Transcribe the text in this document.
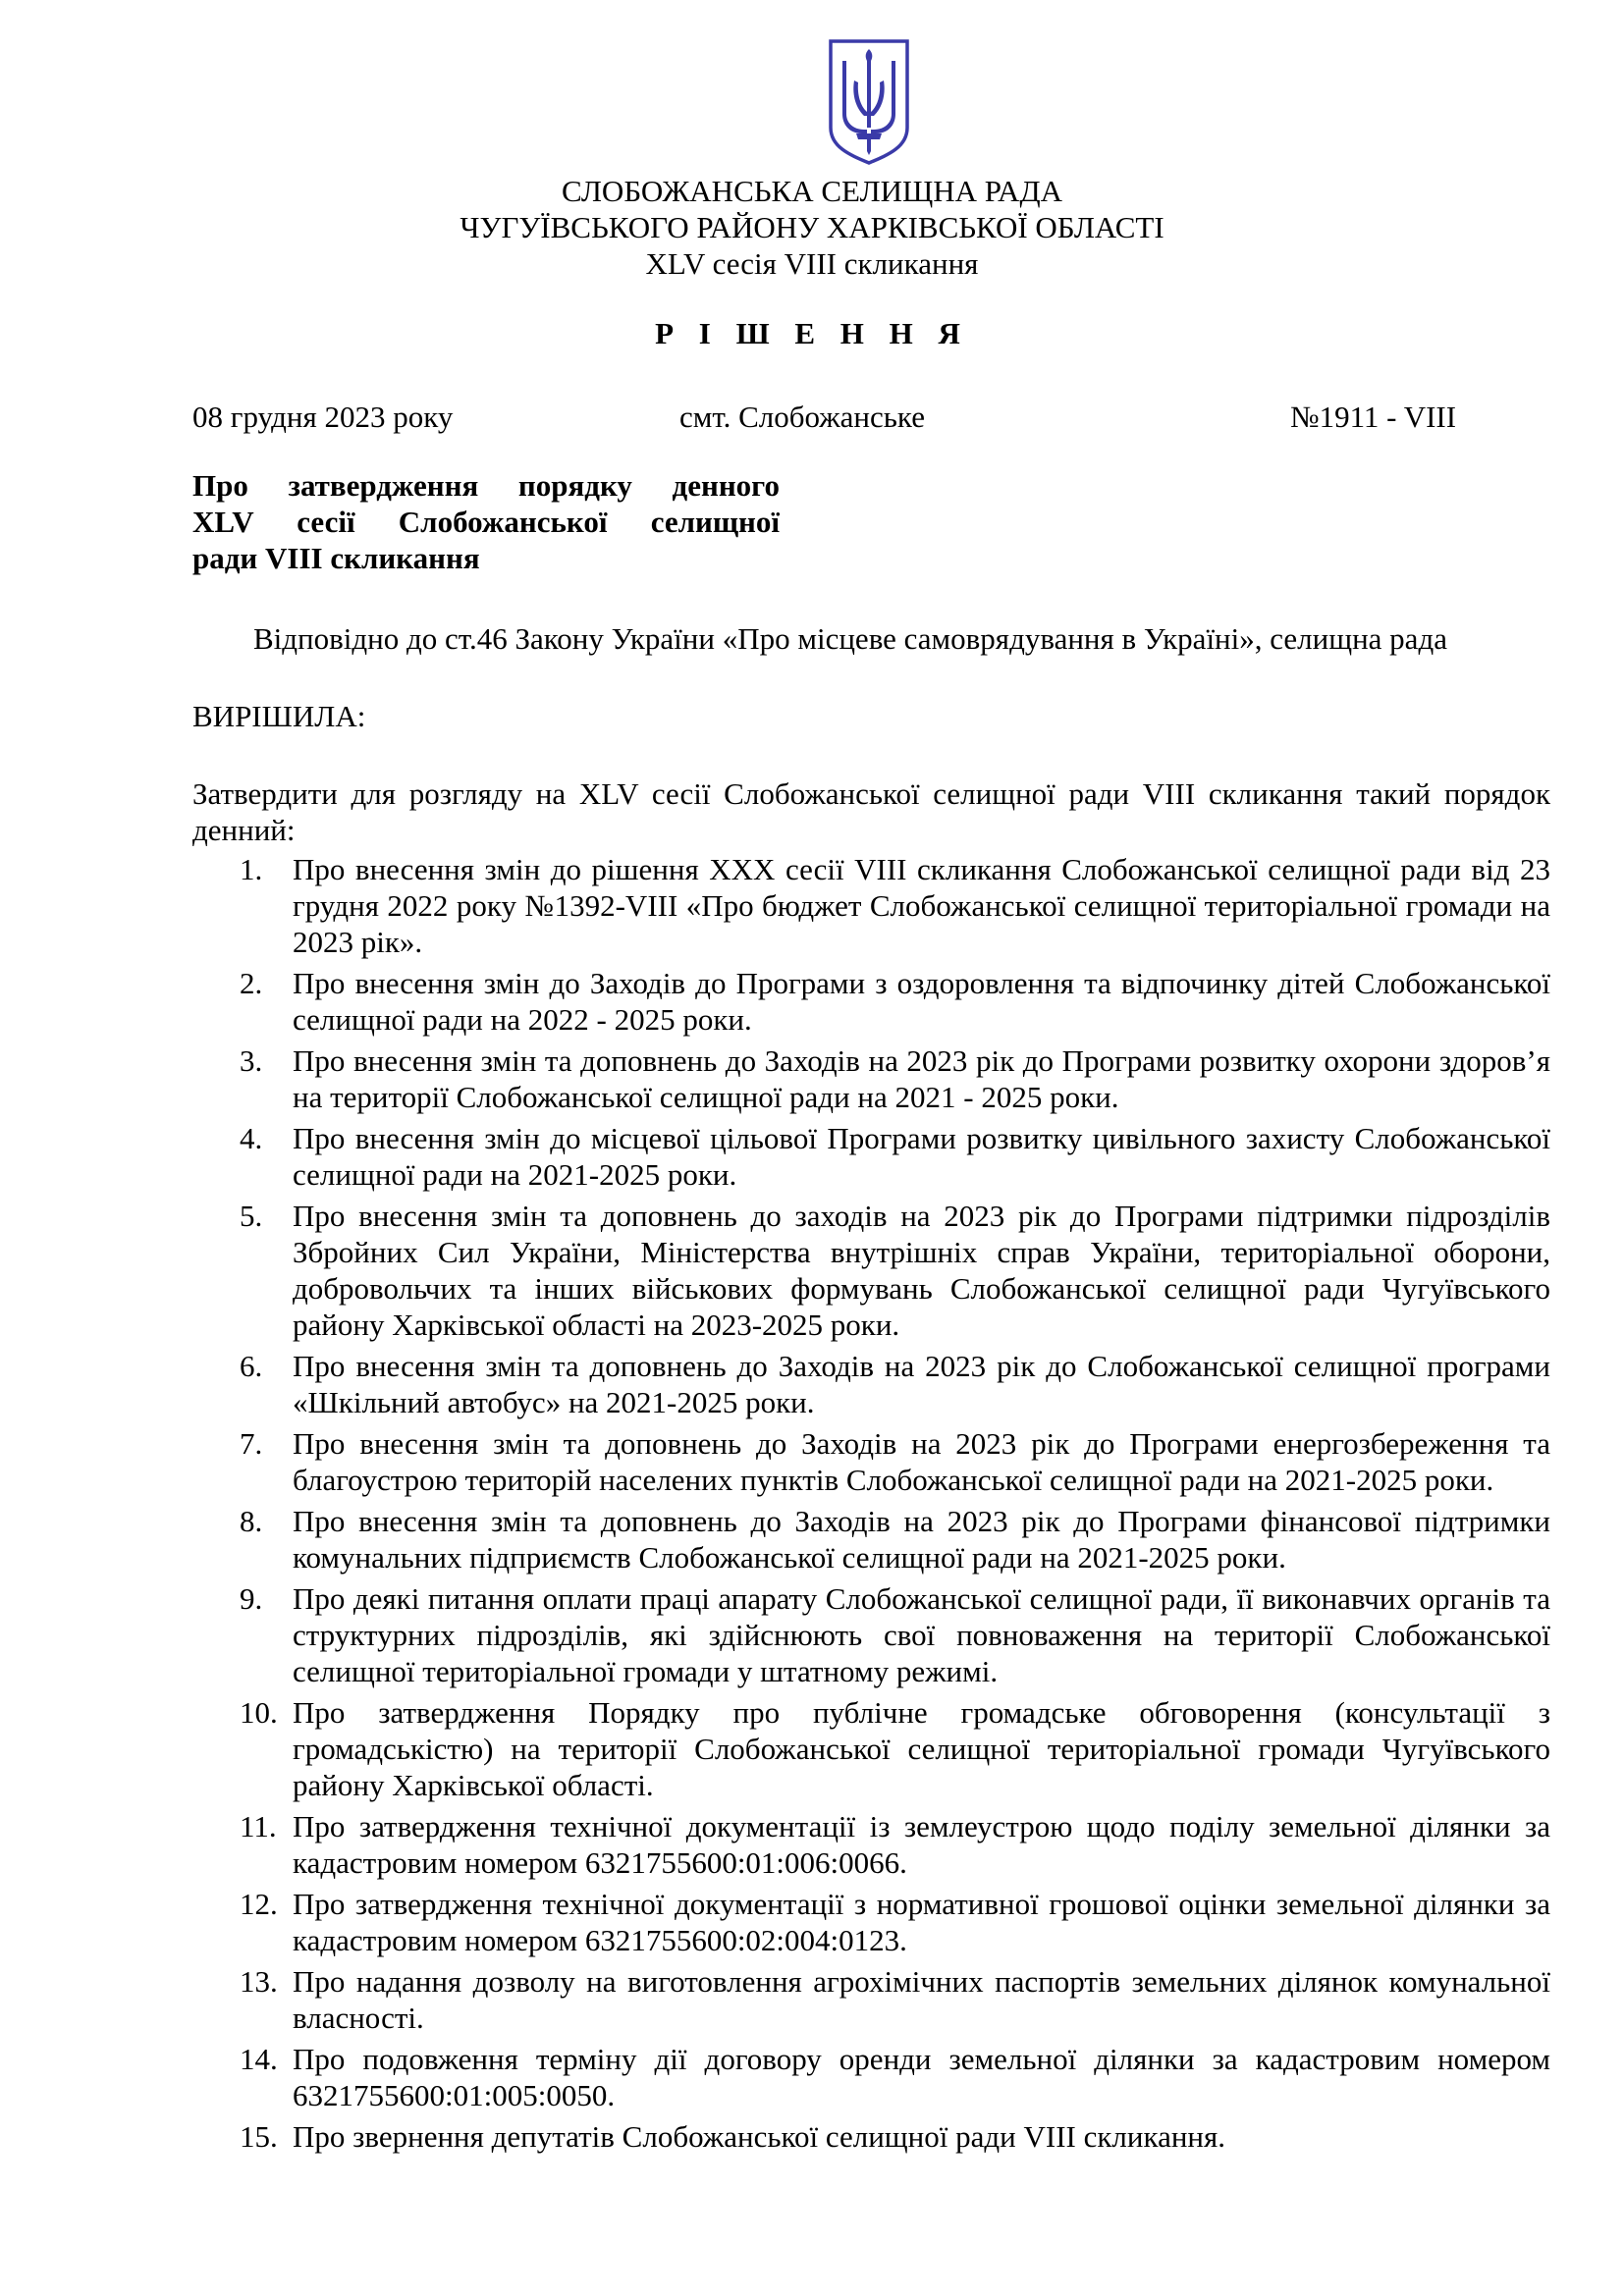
СЛОБОЖАНСЬКА СЕЛИЩНА РАДА
ЧУГУЇВСЬКОГО РАЙОНУ ХАРКІВСЬКОЇ ОБЛАСТІ
XLV сесія VIII скликання
Р І Ш Е Н Н Я
08 грудня 2023 року	смт. Слобожанське	№1911 - VIII
Про затвердження порядку денного
XLV сесії Слобожанської селищної
ради VIII скликання
Відповідно до ст.46 Закону України «Про місцеве самоврядування в Україні», селищна рада
ВИРІШИЛА:
Затвердити для розгляду на XLV сесії Слобожанської селищної ради VIII скликання такий порядок денний:
1. Про внесення змін до рішення XXX сесії VIII скликання Слобожанської селищної ради від 23 грудня 2022 року №1392-VIII «Про бюджет Слобожанської селищної територіальної громади на 2023 рік».
2. Про внесення змін до Заходів до Програми з оздоровлення та відпочинку дітей Слобожанської селищної ради на 2022 - 2025 роки.
3. Про внесення змін та доповнень до Заходів на 2023 рік до Програми розвитку охорони здоров’я на території Слобожанської селищної ради на 2021 - 2025 роки.
4. Про внесення змін до місцевої цільової Програми розвитку цивільного захисту Слобожанської селищної ради на 2021-2025 роки.
5. Про внесення змін та доповнень до заходів на 2023 рік до Програми підтримки підрозділів Збройних Сил України, Міністерства внутрішніх справ України, територіальної оборони, добровольчих та інших військових формувань Слобожанської селищної ради Чугуївського району Харківської області на 2023-2025 роки.
6. Про внесення змін та доповнень до Заходів на 2023 рік до Слобожанської селищної програми «Шкільний автобус» на 2021-2025 роки.
7. Про внесення змін та доповнень до Заходів на 2023 рік до Програми енергозбереження та благоустрою територій населених пунктів Слобожанської селищної ради на 2021-2025 роки.
8. Про внесення змін та доповнень до Заходів на 2023 рік до Програми фінансової підтримки комунальних підприємств Слобожанської селищної ради на 2021-2025 роки.
9. Про деякі питання оплати праці апарату Слобожанської селищної ради, її виконавчих органів та структурних підрозділів, які здійснюють свої повноваження на території Слобожанської селищної територіальної громади у штатному режимі.
10. Про затвердження Порядку про публічне громадське обговорення (консультації з громадськістю) на території Слобожанської селищної територіальної громади Чугуївського району Харківської області.
11. Про затвердження технічної документації із землеустрою щодо поділу земельної ділянки за кадастровим номером 6321755600:01:006:0066.
12. Про затвердження технічної документації з нормативної грошової оцінки земельної ділянки за кадастровим номером 6321755600:02:004:0123.
13. Про надання дозволу на виготовлення агрохімічних паспортів земельних ділянок комунальної власності.
14. Про подовження терміну дії договору оренди земельної ділянки за кадастровим номером 6321755600:01:005:0050.
15. Про звернення депутатів Слобожанської селищної ради VIII скликання.
